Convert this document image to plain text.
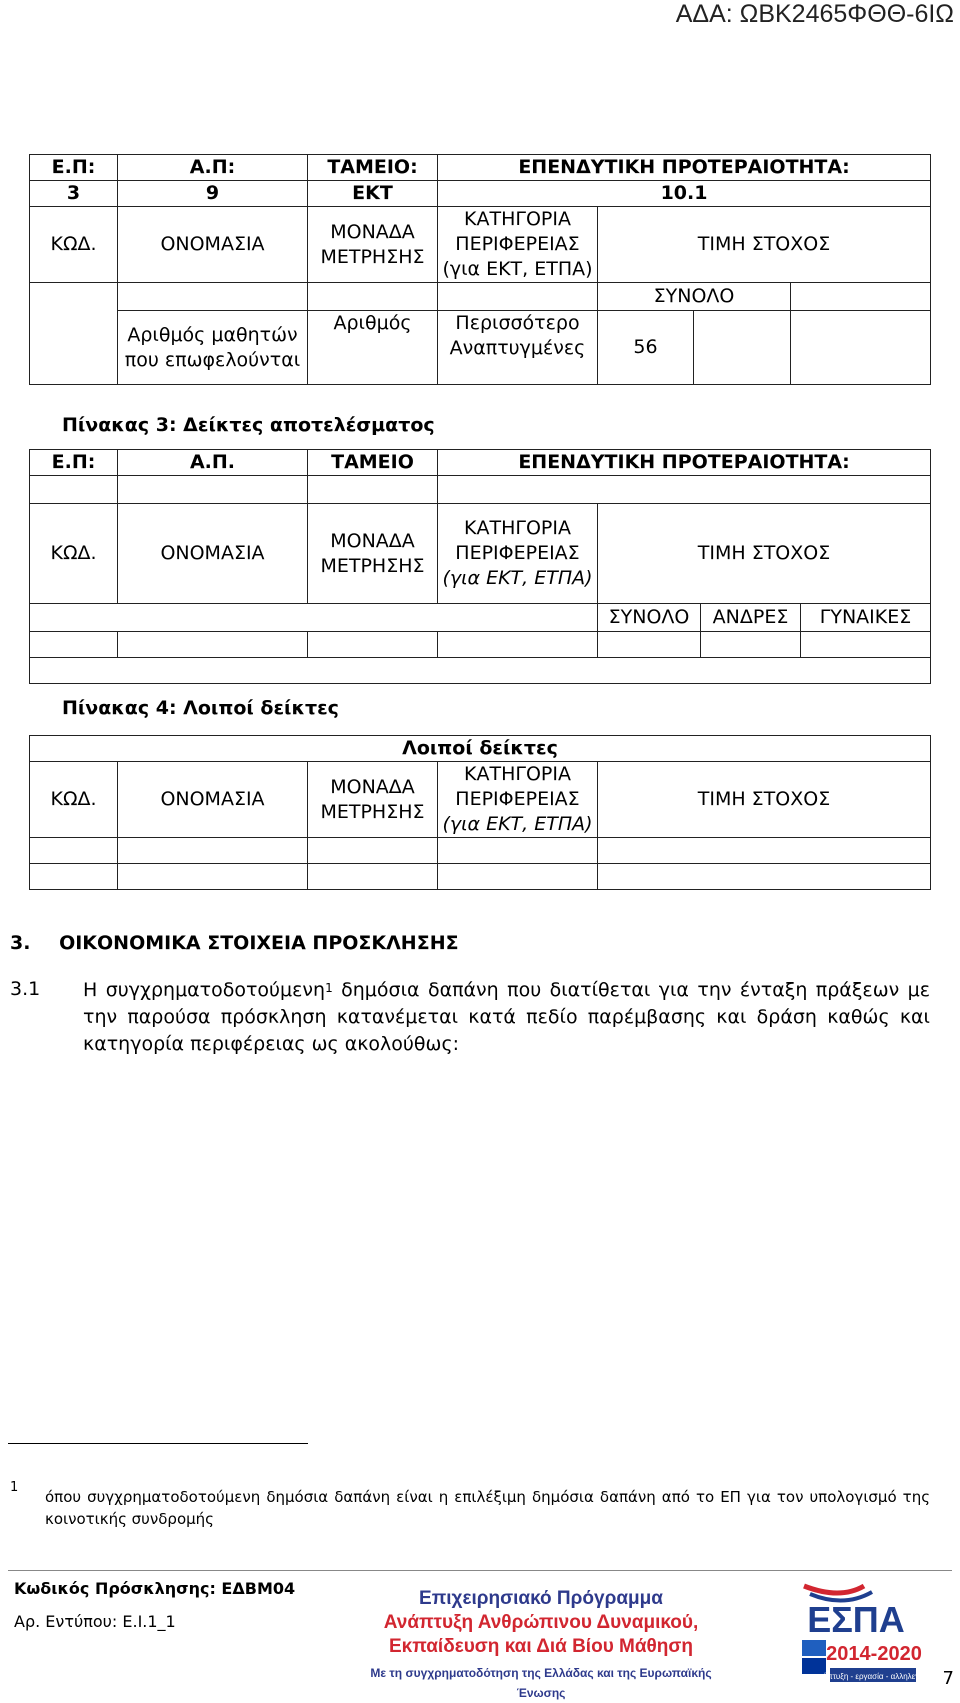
ΑΔΑ: ΩΒΚ2465ΦΘΘ-6ΙΩ
Ε.Π:	Α.Π:	ΤΑΜΕΙΟ:	ΕΠΕΝΔΥΤΙΚΗ ΠΡΟΤΕΡΑΙΟΤΗΤΑ:			
3	9	ΕΚΤ	10.1			
ΚΩΔ.	ΟΝΟΜΑΣΙΑ	ΜΟΝΑΔΑ ΜΕΤΡΗΣΗΣ	ΚΑΤΗΓΟΡΙΑ ΠΕΡΙΦΕΡΕΙΑΣ
(για ΕΚΤ, ΕΤΠΑ)	ΤΙΜΗ ΣΤΟΧΟΣ		
				ΣΥΝΟΛΟ		
	Αριθμός μαθητών που επωφελούνται	Αριθμός	Περισσότερο Αναπτυγμένες	56		
Πίνακας 3: Δείκτες αποτελέσματος
Ε.Π:	Α.Π.	ΤΑΜΕΙΟ	ΕΠΕΝΔΥΤΙΚΗ ΠΡΟΤΕΡΑΙΟΤΗΤΑ:			

ΚΩΔ.	ΟΝΟΜΑΣΙΑ	ΜΟΝΑΔΑ ΜΕΤΡΗΣΗΣ	ΚΑΤΗΓΟΡΙΑ ΠΕΡΙΦΕΡΕΙΑΣ
(για ΕΚΤ, ΕΤΠΑ)	ΤΙΜΗ ΣΤΟΧΟΣ		
				ΣΥΝΟΛΟ	ΑΝΔΡΕΣ	ΓΥΝΑΙΚΕΣ

Πίνακας 4: Λοιποί δείκτες
Λοιποί δείκτες				
ΚΩΔ.	ΟΝΟΜΑΣΙΑ	ΜΟΝΑΔΑ ΜΕΤΡΗΣΗΣ	ΚΑΤΗΓΟΡΙΑ ΠΕΡΙΦΕΡΕΙΑΣ
(για ΕΚΤ, ΕΤΠΑ)	ΤΙΜΗ ΣΤΟΧΟΣ

3. ΟΙΚΟΝΟΜΙΚΑ ΣΤΟΙΧΕΙΑ ΠΡΟΣΚΛΗΣΗΣ
3.1 Η συγχρηματοδοτούμενη$^1$ δημόσια δαπάνη που διατίθεται για την ένταξη πράξεων με την παρούσα πρόσκληση κατανέμεται κατά πεδίο παρέμβασης και δράση καθώς και κατηγορία περιφέρειας ως ακολούθως:
1
όπου συγχρηματοδοτούμενη δημόσια δαπάνη είναι η επιλέξιμη δημόσια δαπάνη από το ΕΠ για τον υπολογισμό της κοινοτικής συνδρομής
Κωδικός Πρόσκλησης: ΕΔΒΜ04
Αρ. Εντύπου: Ε.Ι.1_1
Επιχειρησιακό Πρόγραμμα
Ανάπτυξη Ανθρώπινου Δυναμικού,
Εκπαίδευση και Διά Βίου Μάθηση
Με τη συγχρηματοδότηση της Ελλάδας και της Ευρωπαϊκής Ένωσης
ΕΣΠΑ
2014-2020
ανάπτυξη - εργασία - αλληλεγγύη 7
